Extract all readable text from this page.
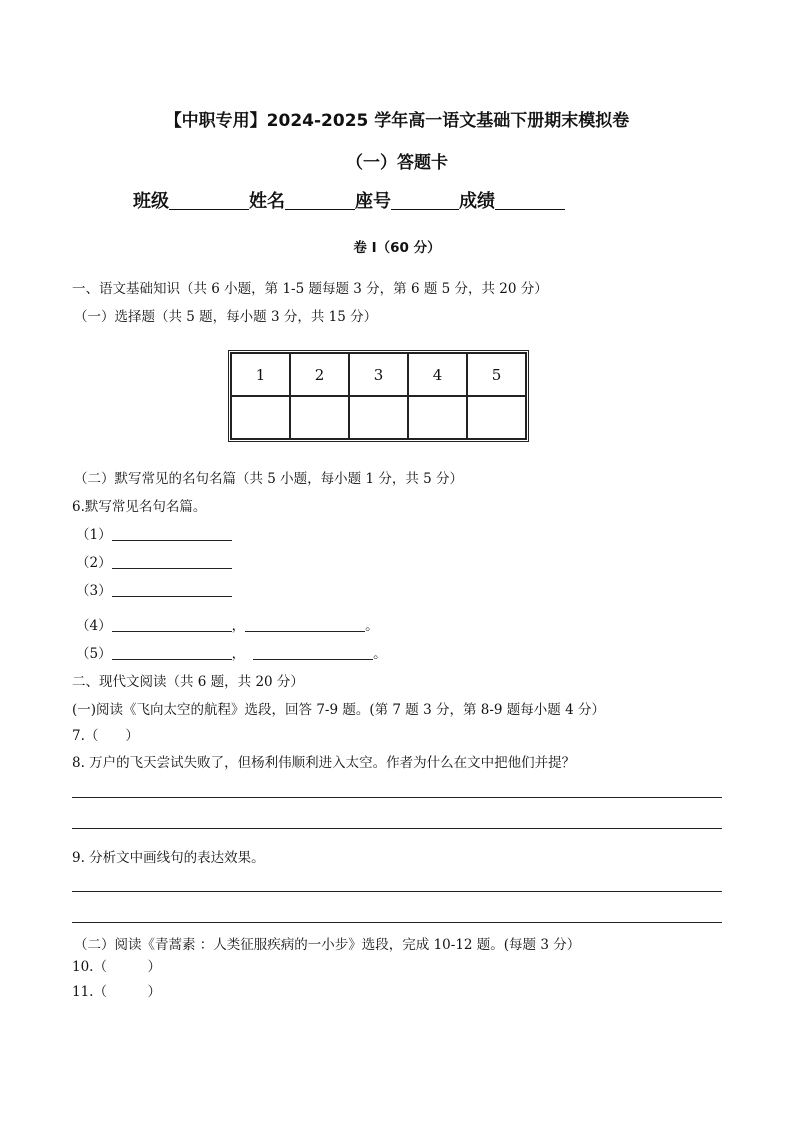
【中职专用】2024-2025 学年高一语文基础下册期末模拟卷
（一）答题卡
班级	姓名	座号	成绩
卷 I（60 分）
一、语文基础知识（共 6 小题，第 1-5 题每题 3 分，第 6 题 5 分，共 20 分）
（一）选择题（共 5 题，每小题 3 分，共 15 分）
1	2	3	4	5

（二）默写常见的名句名篇（共 5 小题，每小题 1 分，共 5 分）
6.默写常见名句名篇。
（1）
（2）
（3）
（4）	，	。
（5）	，	。
二、现代文阅读（共 6 题，共 20 分）
(一)阅读《飞向太空的航程》选段，回答 7-9 题。(第 7 题 3 分，第 8-9 题每小题 4 分）
7.（　　）
8. 万户的飞天尝试失败了，但杨利伟顺利进入太空。作者为什么在文中把他们并提？
9. 分析文中画线句的表达效果。
（二）阅读《青蒿素 ：人类征服疾病的一小步》选段，完成 10-12 题。(每题 3 分）
10.（　　　）
11.（　　　）
